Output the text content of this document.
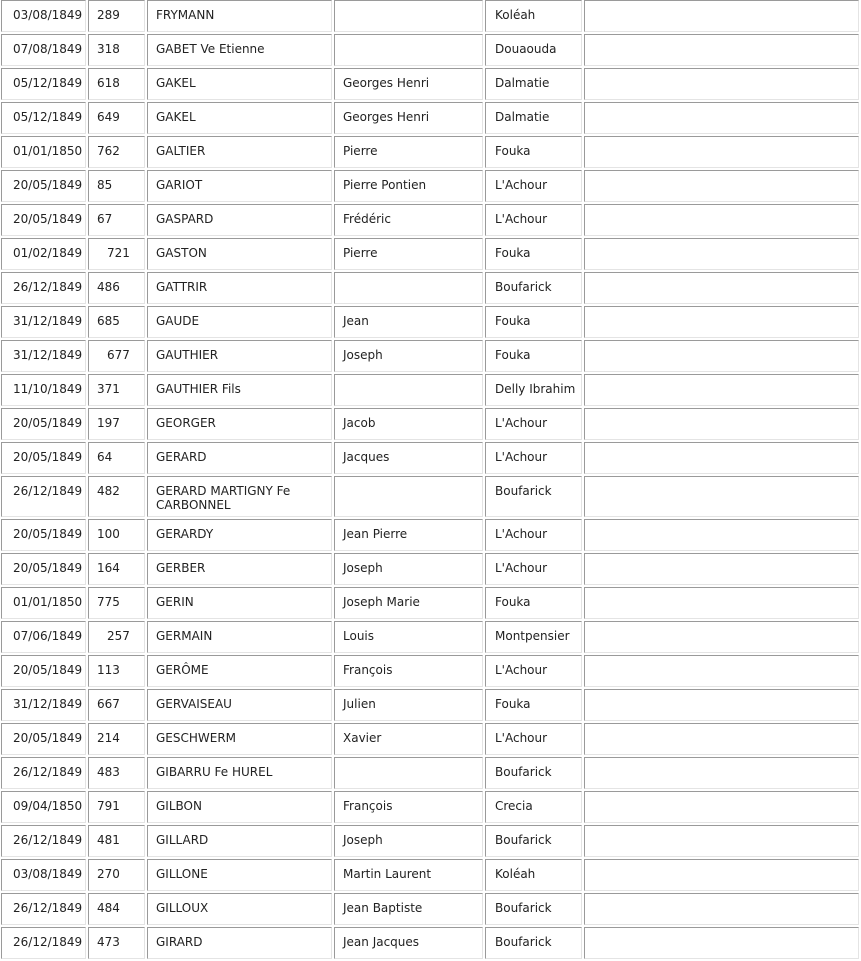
03/08/1849	289	FRYMANN		Koléah	
07/08/1849	318	GABET Ve Etienne		Douaouda	
05/12/1849	618	GAKEL	Georges Henri	Dalmatie	
05/12/1849	649	GAKEL	Georges Henri	Dalmatie	
01/01/1850	762	GALTIER	Pierre	Fouka	
20/05/1849	85	GARIOT	Pierre Pontien	L'Achour	
20/05/1849	67	GASPARD	Frédéric	L'Achour	
01/02/1849	721	GASTON	Pierre	Fouka	
26/12/1849	486	GATTRIR		Boufarick	
31/12/1849	685	GAUDE	Jean	Fouka	
31/12/1849	677	GAUTHIER	Joseph	Fouka	
11/10/1849	371	GAUTHIER Fils		Delly Ibrahim	
20/05/1849	197	GEORGER	Jacob	L'Achour	
20/05/1849	64	GERARD	Jacques	L'Achour	
26/12/1849	482	GERARD MARTIGNY Fe CARBONNEL		Boufarick	
20/05/1849	100	GERARDY	Jean Pierre	L'Achour	
20/05/1849	164	GERBER	Joseph	L'Achour	
01/01/1850	775	GERIN	Joseph Marie	Fouka	
07/06/1849	257	GERMAIN	Louis	Montpensier	
20/05/1849	113	GERÔME	François	L'Achour	
31/12/1849	667	GERVAISEAU	Julien	Fouka	
20/05/1849	214	GESCHWERM	Xavier	L'Achour	
26/12/1849	483	GIBARRU Fe HUREL		Boufarick	
09/04/1850	791	GILBON	François	Crecia	
26/12/1849	481	GILLARD	Joseph	Boufarick	
03/08/1849	270	GILLONE	Martin Laurent	Koléah	
26/12/1849	484	GILLOUX	Jean Baptiste	Boufarick	
26/12/1849	473	GIRARD	Jean Jacques	Boufarick	
